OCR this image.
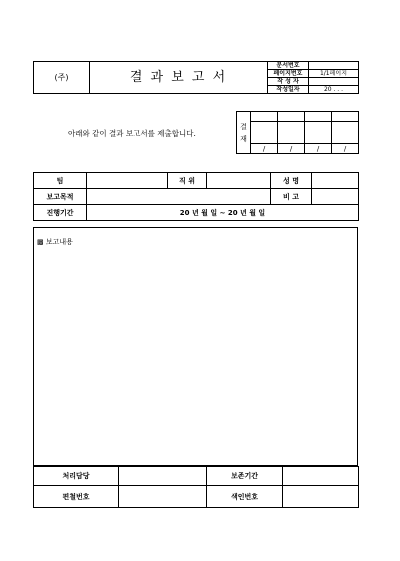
(주)	결 과 보 고 서	문서번호	
		페이지번호	1/1페이지
		작 성 자	
		작성일자	20 . . .
아래와 같이 결과 보고서를 제출합니다.
결
재				

	/	/	/	/
팀		직 위		성 명	
보고목적				비 고	
진행기간	20 년 월 일 ~ 20 년 월 일				
▩ 보고내용
처리담당		보존기간	
편철번호		색인번호	
